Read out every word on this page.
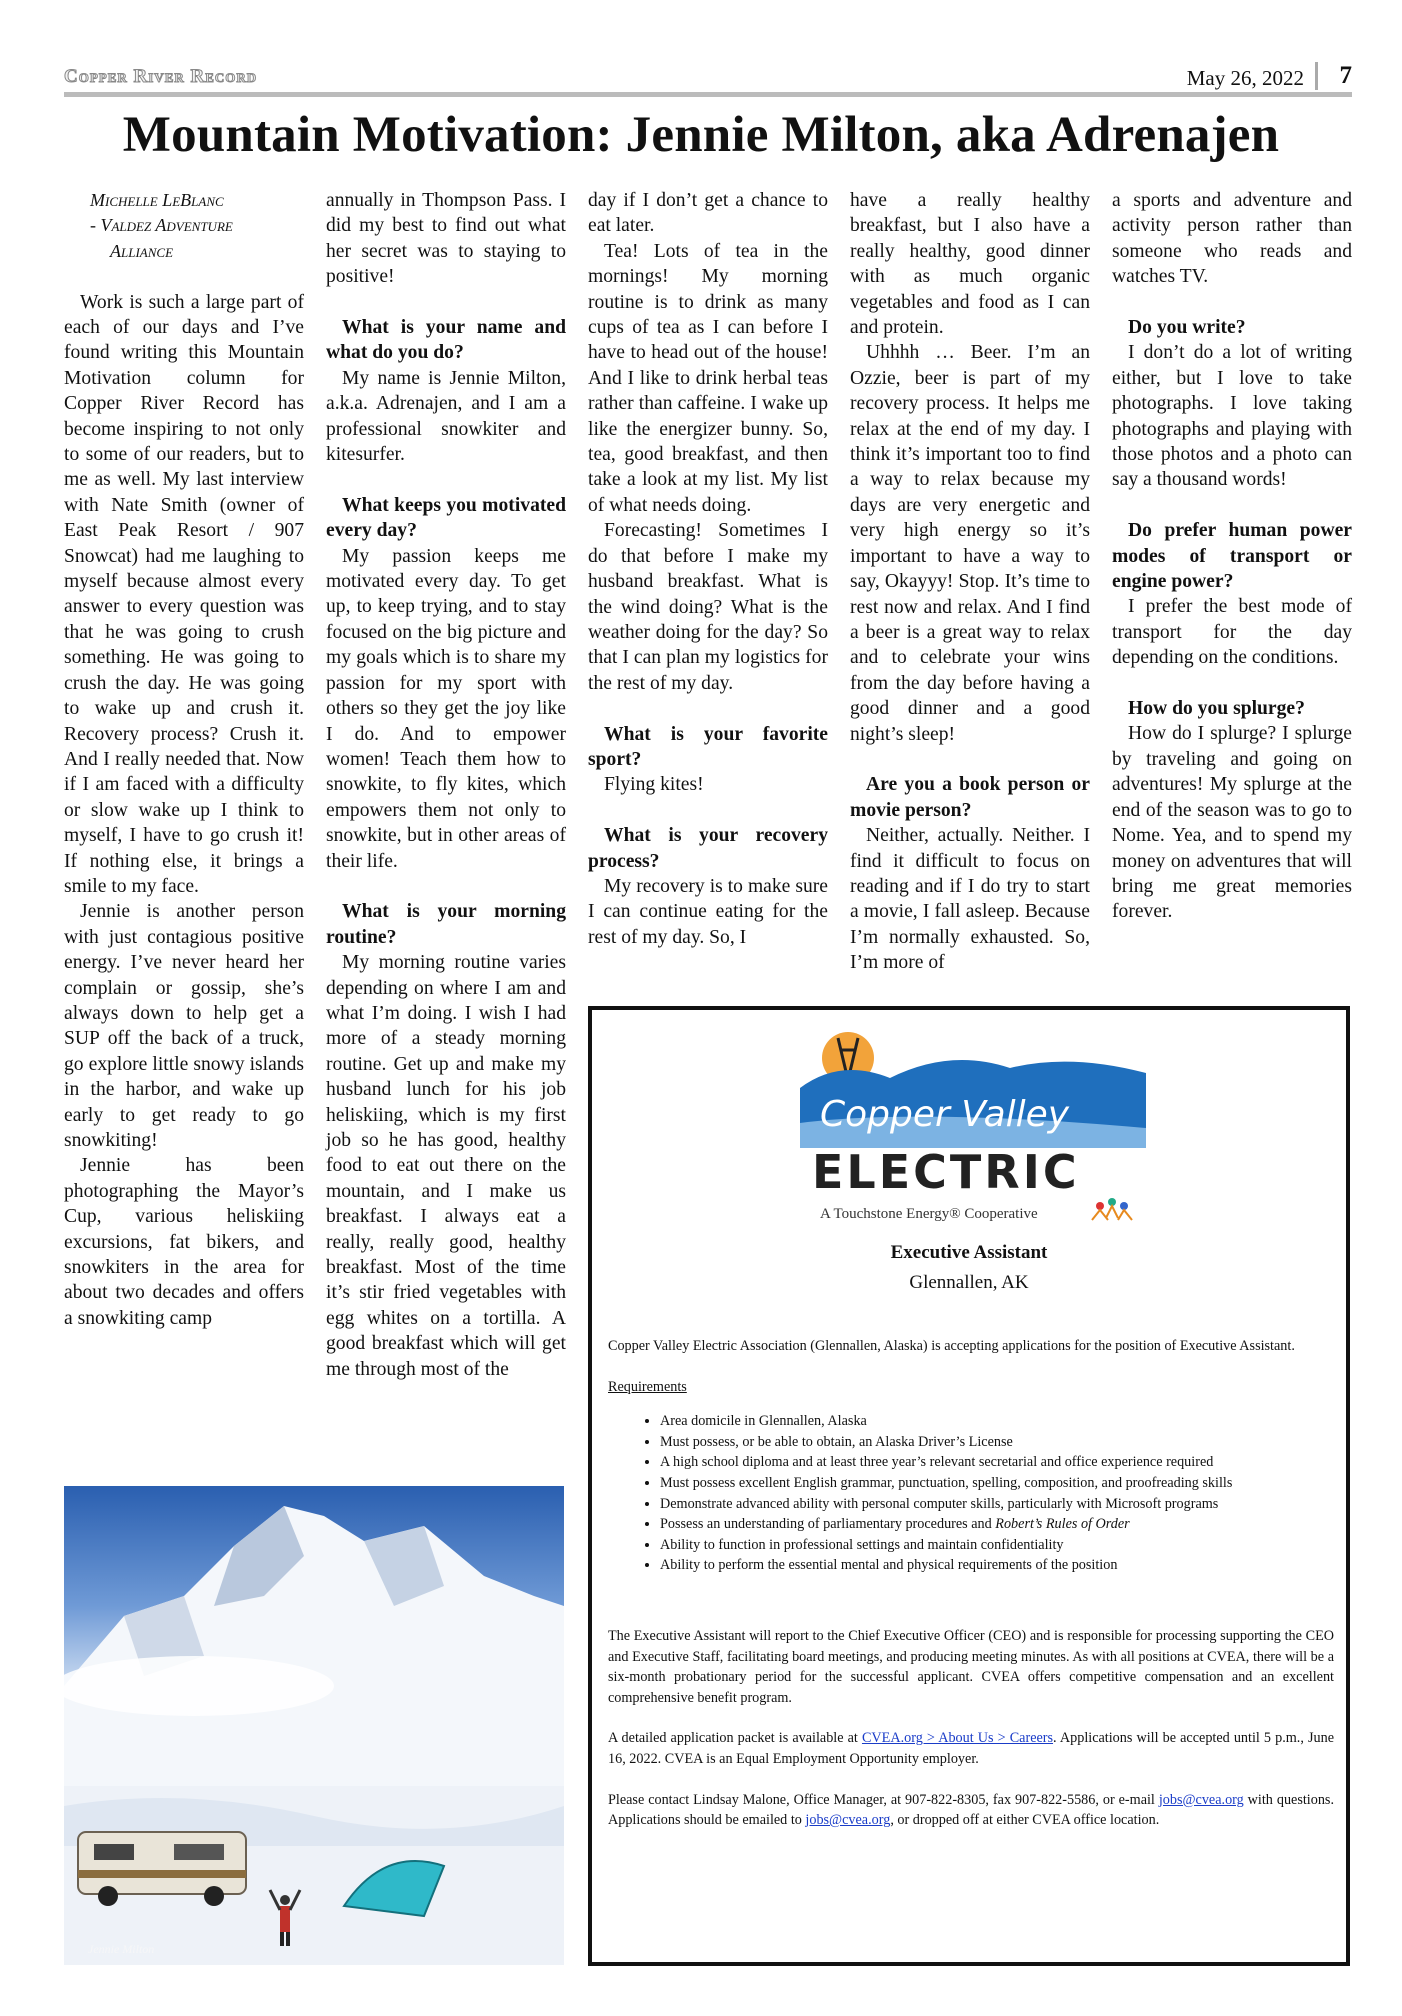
Copper River Record	May 26, 2022 7
Mountain Motivation: Jennie Milton, aka Adrenajen
Michelle LeBlanc
- Valdez Adventure
Alliance

Work is such a large part of each of our days and I’ve found writing this Mountain Motivation column for Copper River Record has become inspiring to not only to some of our readers, but to me as well. My last interview with Nate Smith (owner of East Peak Resort / 907 Snowcat) had me laughing to myself because almost every answer to every question was that he was going to crush something. He was going to crush the day. He was going to wake up and crush it. Recovery process? Crush it. And I really needed that. Now if I am faced with a difficulty or slow wake up I think to myself, I have to go crush it! If nothing else, it brings a smile to my face.

Jennie is another person with just contagious positive energy. I’ve never heard her complain or gossip, she’s always down to help get a SUP off the back of a truck, go explore little snowy islands in the harbor, and wake up early to get ready to go snowkiting!

Jennie has been photographing the Mayor’s Cup, various heliskiing excursions, fat bikers, and snowkiters in the area for about two decades and offers a snowkiting camp

annually in Thompson Pass. I did my best to find out what her secret was to staying to positive!

What is your name and what do you do?

My name is Jennie Milton, a.k.a. Adrenajen, and I am a professional snowkiter and kitesurfer.

What keeps you motivated every day?

My passion keeps me motivated every day. To get up, to keep trying, and to stay focused on the big picture and my goals which is to share my passion for my sport with others so they get the joy like I do. And to empower women! Teach them how to snowkite, to fly kites, which empowers them not only to snowkite, but in other areas of their life.

What is your morning routine?

My morning routine varies depending on where I am and what I’m doing. I wish I had more of a steady morning routine. Get up and make my husband lunch for his job heliskiing, which is my first job so he has good, healthy food to eat out there on the mountain, and I make us breakfast. I always eat a really, really good, healthy breakfast. Most of the time it’s stir fried vegetables with egg whites on a tortilla. A good breakfast which will get me through most of the

day if I don’t get a chance to eat later.

Tea! Lots of tea in the mornings! My morning routine is to drink as many cups of tea as I can before I have to head out of the house! And I like to drink herbal teas rather than caffeine. I wake up like the energizer bunny. So, tea, good breakfast, and then take a look at my list. My list of what needs doing.

Forecasting! Sometimes I do that before I make my husband breakfast. What is the wind doing? What is the weather doing for the day? So that I can plan my logistics for the rest of my day.

What is your favorite sport?

Flying kites!

What is your recovery process?

My recovery is to make sure I can continue eating for the rest of my day. So, I

have a really healthy breakfast, but I also have a really healthy, good dinner with as much organic vegetables and food as I can and protein.

Uhhhh … Beer. I’m an Ozzie, beer is part of my recovery process. It helps me relax at the end of my day. I think it’s important too to find a way to relax because my days are very energetic and very high energy so it’s important to have a way to say, Okayyy! Stop. It’s time to rest now and relax. And I find a beer is a great way to relax and to celebrate your wins from the day before having a good dinner and a good night’s sleep!

Are you a book person or movie person?

Neither, actually. Neither. I find it difficult to focus on reading and if I do try to start a movie, I fall asleep. Because I’m normally exhausted. So, I’m more of

a sports and adventure and activity person rather than someone who reads and watches TV.

Do you write?

I don’t do a lot of writing either, but I love to take photographs. I love taking photographs and playing with those photos and a photo can say a thousand words!

Do prefer human power modes of transport or engine power?

I prefer the best mode of transport for the day depending on the conditions.

How do you splurge?

How do I splurge? I splurge by traveling and going on adventures! My splurge at the end of the season was to go to Nome. Yea, and to spend my money on adventures that will bring me great memories forever.

Jennie Milton
Copper Valley
ELECTRIC
A Touchstone Energy® Cooperative
Executive Assistant
Glennallen, AK

Copper Valley Electric Association (Glennallen, Alaska) is accepting applications for the position of Executive Assistant.

Requirements
• Area domicile in Glennallen, Alaska
• Must possess, or be able to obtain, an Alaska Driver’s License
• A high school diploma and at least three year’s relevant secretarial and office experience required
• Must possess excellent English grammar, punctuation, spelling, composition, and proofreading skills
• Demonstrate advanced ability with personal computer skills, particularly with Microsoft programs
• Possess an understanding of parliamentary procedures and Robert’s Rules of Order
• Ability to function in professional settings and maintain confidentiality
• Ability to perform the essential mental and physical requirements of the position

The Executive Assistant will report to the Chief Executive Officer (CEO) and is responsible for processing supporting the CEO and Executive Staff, facilitating board meetings, and producing meeting minutes. As with all positions at CVEA, there will be a six-month probationary period for the successful applicant. CVEA offers competitive compensation and an excellent comprehensive benefit program.

A detailed application packet is available at CVEA.org > About Us > Careers. Applications will be accepted until 5 p.m., June 16, 2022. CVEA is an Equal Employment Opportunity employer.

Please contact Lindsay Malone, Office Manager, at 907-822-8305, fax 907-822-5586, or e-mail jobs@cvea.org with questions. Applications should be emailed to jobs@cvea.org, or dropped off at either CVEA office location.
